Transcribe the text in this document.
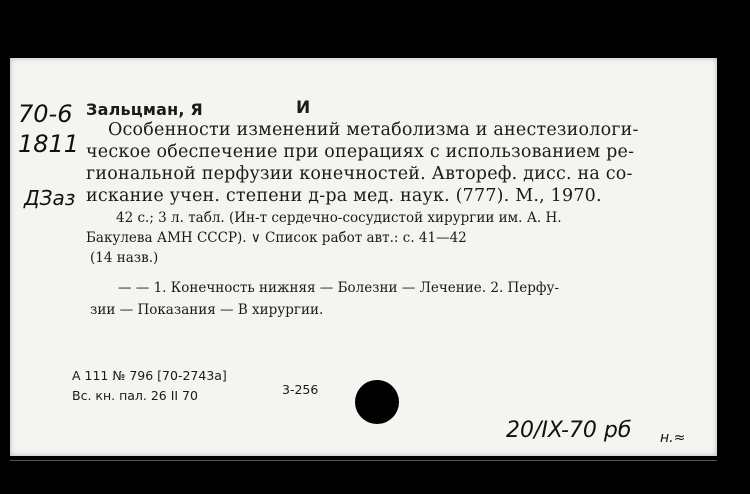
70-6
1811
ДЗаз
Зальцман, Я	И
Особенности изменений метаболизма и анестезиологи-
ческое обеспечение при операциях с использованием ре-
гиональной перфузии конечностей. Автореф. дисс. на со-
искание учен. степени д-ра мед. наук. (777). М., 1970.
42 с.; 3 л. табл. (Ин-т сердечно-сосудистой хирургии им. А. Н.
Бакулева АМН СССР). ∨ Список работ авт.: с. 41—42
(14 назв.)
— — 1. Конечность нижняя — Болезни — Лечение. 2. Перфу-
зии — Показания — В хирургии.
А 111 № 796 [70-2743а]
Вс. кн. пал. 26 II 70	3-256
20/IX-70 рб н.≈
